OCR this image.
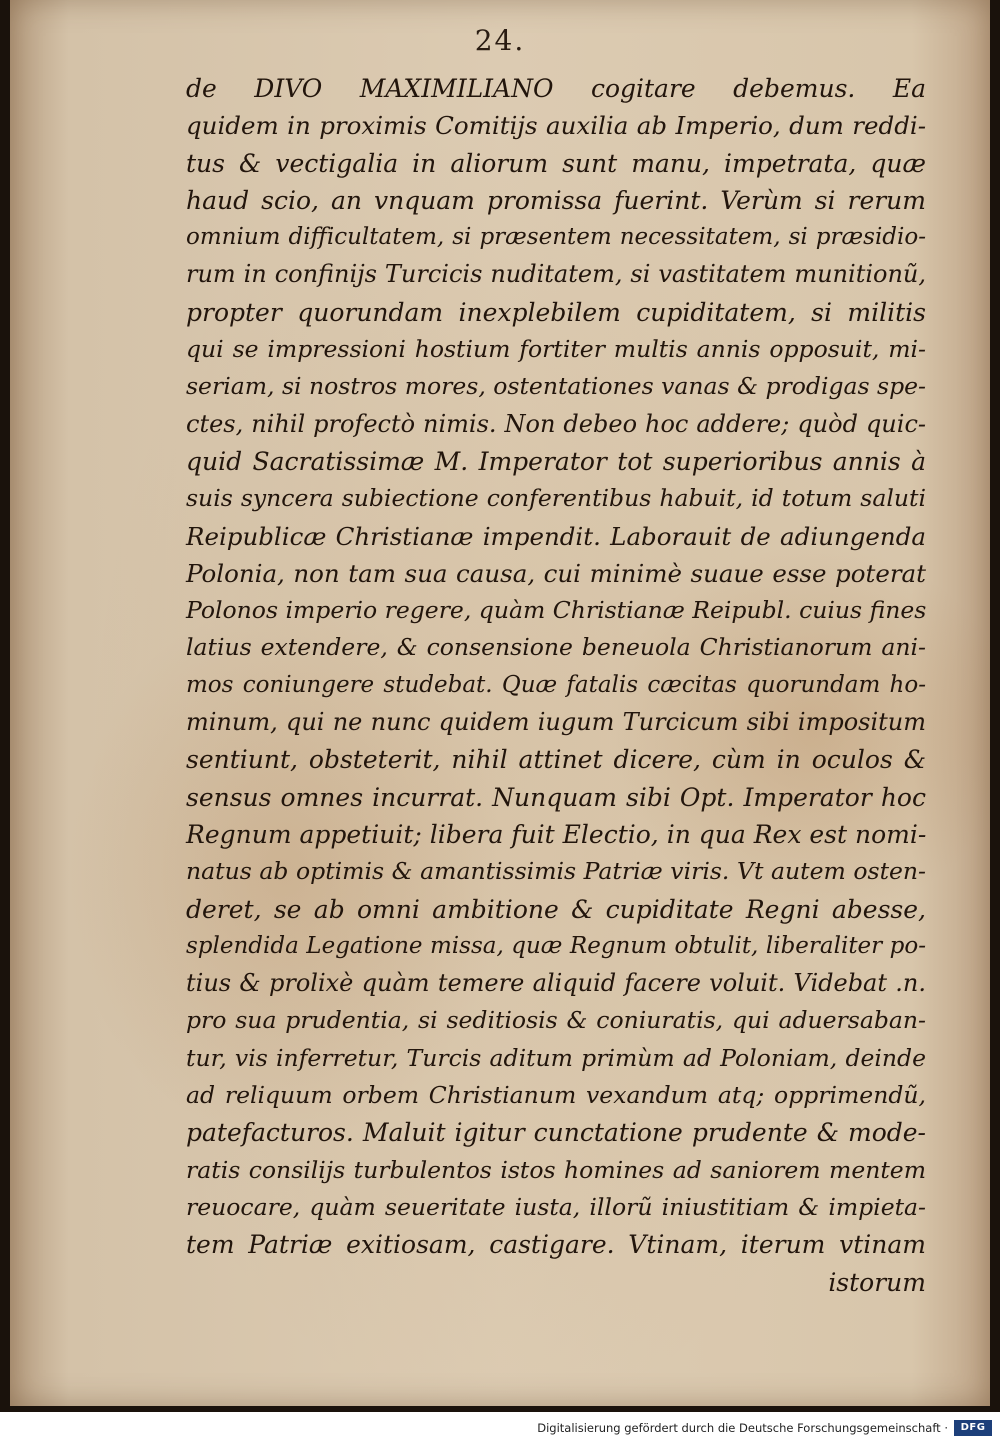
24.
de DIVO MAXIMILIANO cogitare debemus. Ea
quidem in proximis Comitijs auxilia ab Imperio, dum reddi-
tus & vectigalia in aliorum sunt manu, impetrata, quæ
haud scio, an vnquam promissa fuerint. Verùm si rerum
omnium difficultatem, si præsentem necessitatem, si præsidio-
rum in confinijs Turcicis nuditatem, si vastitatem munitionũ,
propter quorundam inexplebilem cupiditatem, si militis
qui se impressioni hostium fortiter multis annis opposuit, mi-
seriam, si nostros mores, ostentationes vanas & prodigas spe-
ctes, nihil profectò nimis. Non debeo hoc addere; quòd quic-
quid Sacratissimæ M. Imperator tot superioribus annis à
suis syncera subiectione conferentibus habuit, id totum saluti
Reipublicæ Christianæ impendit. Laborauit de adiungenda
Polonia, non tam sua causa, cui minimè suaue esse poterat
Polonos imperio regere, quàm Christianæ Reipubl. cuius fines
latius extendere, & consensione beneuola Christianorum ani-
mos coniungere studebat. Quæ fatalis cæcitas quorundam ho-
minum, qui ne nunc quidem iugum Turcicum sibi impositum
sentiunt, obsteterit, nihil attinet dicere, cùm in oculos &
sensus omnes incurrat. Nunquam sibi Opt. Imperator hoc
Regnum appetiuit; libera fuit Electio, in qua Rex est nomi-
natus ab optimis & amantissimis Patriæ viris. Vt autem osten-
deret, se ab omni ambitione & cupiditate Regni abesse,
splendida Legatione missa, quæ Regnum obtulit, liberaliter po-
tius & prolixè quàm temere aliquid facere voluit. Videbat .n.
pro sua prudentia, si seditiosis & coniuratis, qui aduersaban-
tur, vis inferretur, Turcis aditum primùm ad Poloniam, deinde
ad reliquum orbem Christianum vexandum atq; opprimendũ,
patefacturos. Maluit igitur cunctatione prudente & mode-
ratis consilijs turbulentos istos homines ad saniorem mentem
reuocare, quàm seueritate iusta, illorũ iniustitiam & impieta-
tem Patriæ exitiosam, castigare. Vtinam, iterum vtinam
istorum
Digitalisierung gefördert durch die Deutsche Forschungsgemeinschaft ·	DFG
